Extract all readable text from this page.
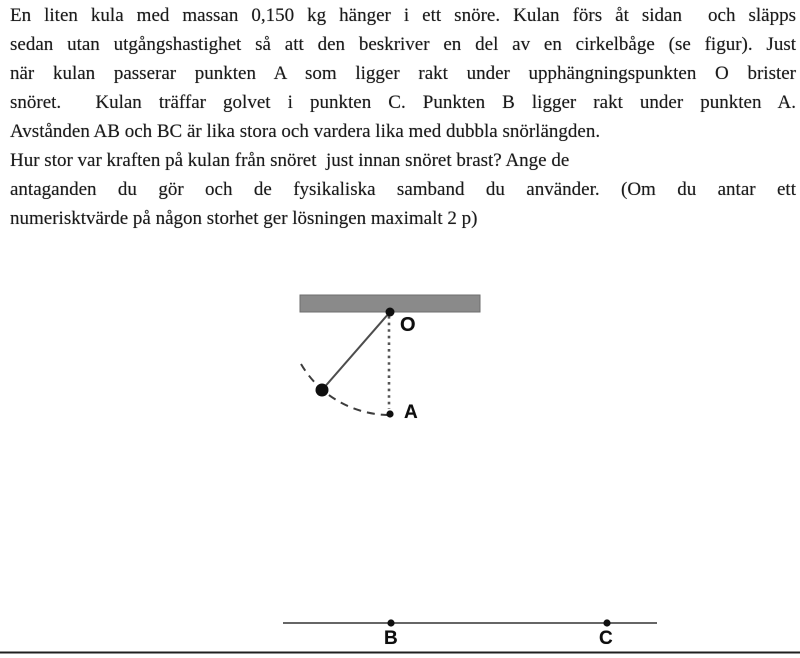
En liten kula med massan 0,150 kg hänger i ett snöre. Kulan förs åt sidan  och släpps
sedan utan utgångshastighet så att den beskriver en del av en cirkelbåge (se figur). Just
när kulan passerar punkten A som ligger rakt under upphängningspunkten O brister
snöret.  Kulan träffar golvet i punkten C. Punkten B ligger rakt under punkten A.
Avstånden AB och BC är lika stora och vardera lika med dubbla snörlängden.
Hur stor var kraften på kulan från snöret  just innan snöret brast? Ange de
antaganden du gör och de fysikaliska samband du använder. (Om du antar ett
numerisktvärde på någon storhet ger lösningen maximalt 2 p)
O
A
B	C
